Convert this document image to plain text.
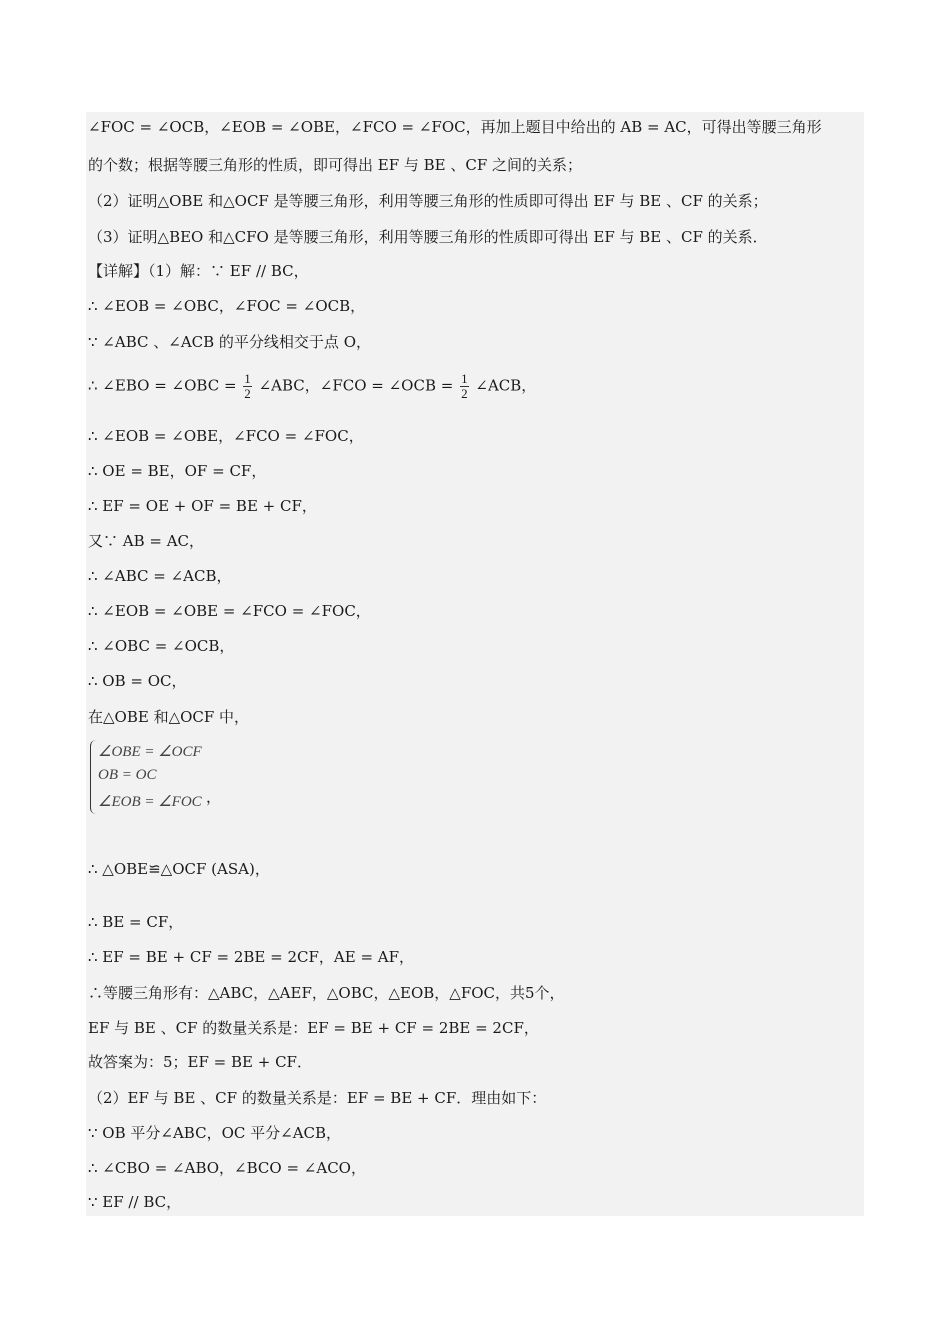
∠FOC = ∠OCB，∠EOB = ∠OBE，∠FCO = ∠FOC，再加上题目中给出的 AB = AC，可得出等腰三角形
的个数；根据等腰三角形的性质，即可得出 EF 与 BE 、CF 之间的关系；
（2）证明△OBE 和△OCF 是等腰三角形，利用等腰三角形的性质即可得出 EF 与 BE 、CF 的关系；
（3）证明△BEO 和△CFO 是等腰三角形，利用等腰三角形的性质即可得出 EF 与 BE 、CF 的关系．
【详解】（1）解：∵ EF // BC，
∴ ∠EOB = ∠OBC，∠FOC = ∠OCB，
∵ ∠ABC 、∠ACB 的平分线相交于点 O，
∴ ∠EBO = ∠OBC = $\frac{1}{2}$ ∠ABC，∠FCO = ∠OCB = $\frac{1}{2}$ ∠ACB，
∴ ∠EOB = ∠OBE，∠FCO = ∠FOC，
∴ OE = BE，OF = CF，
∴ EF = OE + OF = BE + CF，
又∵ AB = AC，
∴ ∠ABC = ∠ACB，
∴ ∠EOB = ∠OBE = ∠FCO = ∠FOC，
∴ ∠OBC = ∠OCB，
∴ OB = OC，
在△OBE 和△OCF 中，
∠OBE = ∠OCF
OB = OC
∠EOB = ∠FOC ，
∴ △OBE≌△OCF (ASA)，
∴ BE = CF，
∴ EF = BE + CF = 2BE = 2CF，AE = AF，
∴等腰三角形有：△ABC，△AEF，△OBC，△EOB，△FOC，共5个，
EF 与 BE 、CF 的数量关系是：EF = BE + CF = 2BE = 2CF，
故答案为：5；EF = BE + CF．
（2）EF 与 BE 、CF 的数量关系是：EF = BE + CF．理由如下：
∵ OB 平分∠ABC，OC 平分∠ACB，
∴ ∠CBO = ∠ABO，∠BCO = ∠ACO，
∵ EF // BC，
